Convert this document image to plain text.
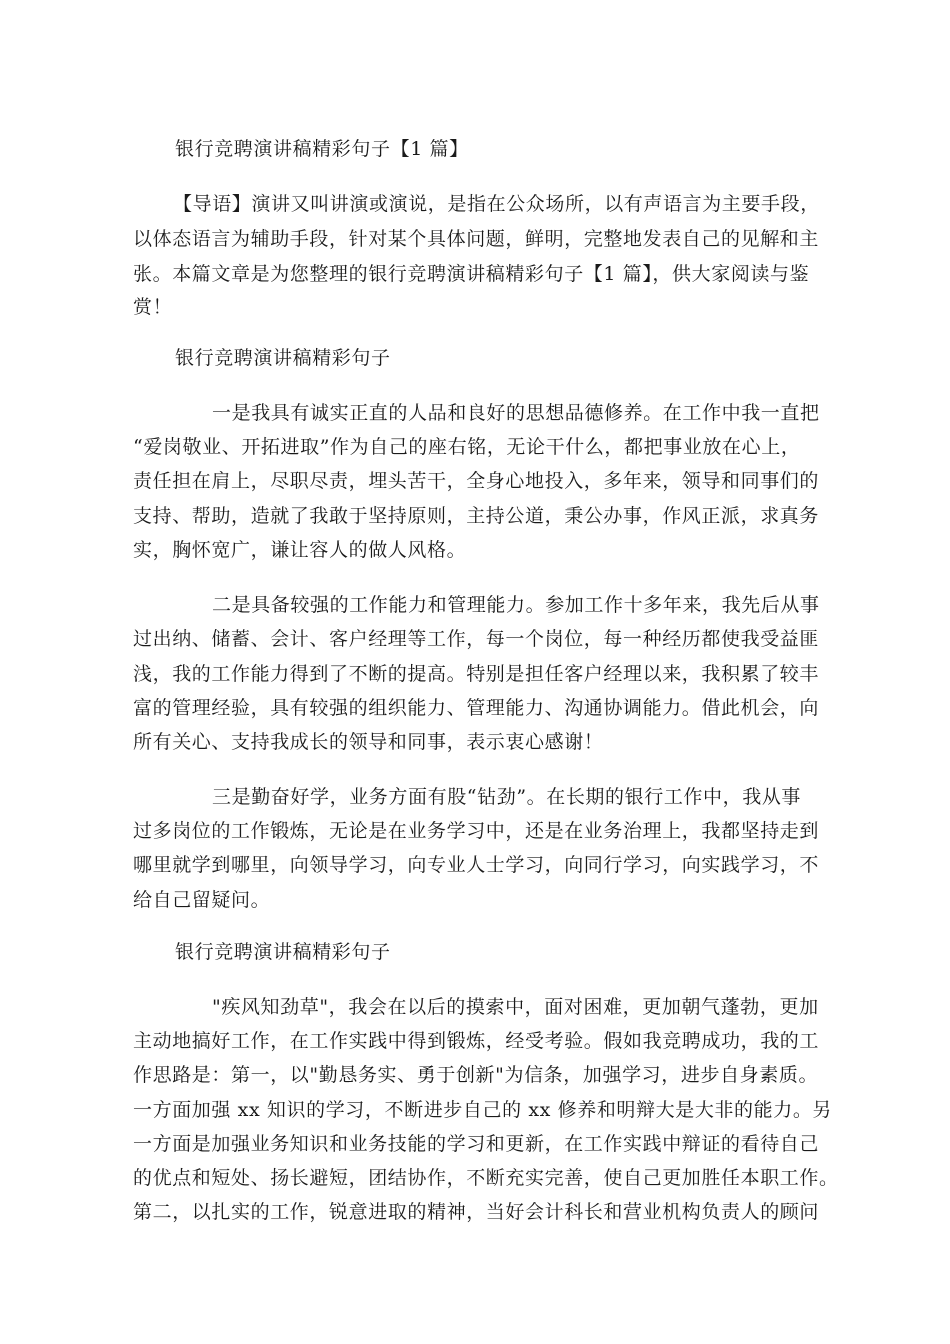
银行竞聘演讲稿精彩句子【1 篇】
【导语】演讲又叫讲演或演说，是指在公众场所，以有声语言为主要手段，
以体态语言为辅助手段，针对某个具体问题，鲜明，完整地发表自己的见解和主
张。本篇文章是为您整理的银行竞聘演讲稿精彩句子【1 篇】，供大家阅读与鉴
赏！
银行竞聘演讲稿精彩句子
一是我具有诚实正直的人品和良好的思想品德修养。在工作中我一直把
“爱岗敬业、开拓进取”作为自己的座右铭，无论干什么，都把事业放在心上，
责任担在肩上，尽职尽责，埋头苦干，全身心地投入，多年来，领导和同事们的
支持、帮助，造就了我敢于坚持原则，主持公道，秉公办事，作风正派，求真务
实，胸怀宽广，谦让容人的做人风格。
二是具备较强的工作能力和管理能力。参加工作十多年来，我先后从事
过出纳、储蓄、会计、客户经理等工作，每一个岗位，每一种经历都使我受益匪
浅，我的工作能力得到了不断的提高。特别是担任客户经理以来，我积累了较丰
富的管理经验，具有较强的组织能力、管理能力、沟通协调能力。借此机会，向
所有关心、支持我成长的领导和同事，表示衷心感谢！
三是勤奋好学，业务方面有股“钻劲”。在长期的银行工作中，我从事
过多岗位的工作锻炼，无论是在业务学习中，还是在业务治理上，我都坚持走到
哪里就学到哪里，向领导学习，向专业人士学习，向同行学习，向实践学习，不
给自己留疑问。
银行竞聘演讲稿精彩句子
"疾风知劲草"，我会在以后的摸索中，面对困难，更加朝气蓬勃，更加
主动地搞好工作，在工作实践中得到锻炼，经受考验。假如我竞聘成功，我的工
作思路是：第一，以"勤恳务实、勇于创新"为信条，加强学习，进步自身素质。
一方面加强 xx 知识的学习，不断进步自己的 xx 修养和明辩大是大非的能力。另
一方面是加强业务知识和业务技能的学习和更新，在工作实践中辩证的看待自己
的优点和短处、扬长避短，团结协作，不断充实完善，使自己更加胜任本职工作。
第二，以扎实的工作，锐意进取的精神，当好会计科长和营业机构负责人的顾问
